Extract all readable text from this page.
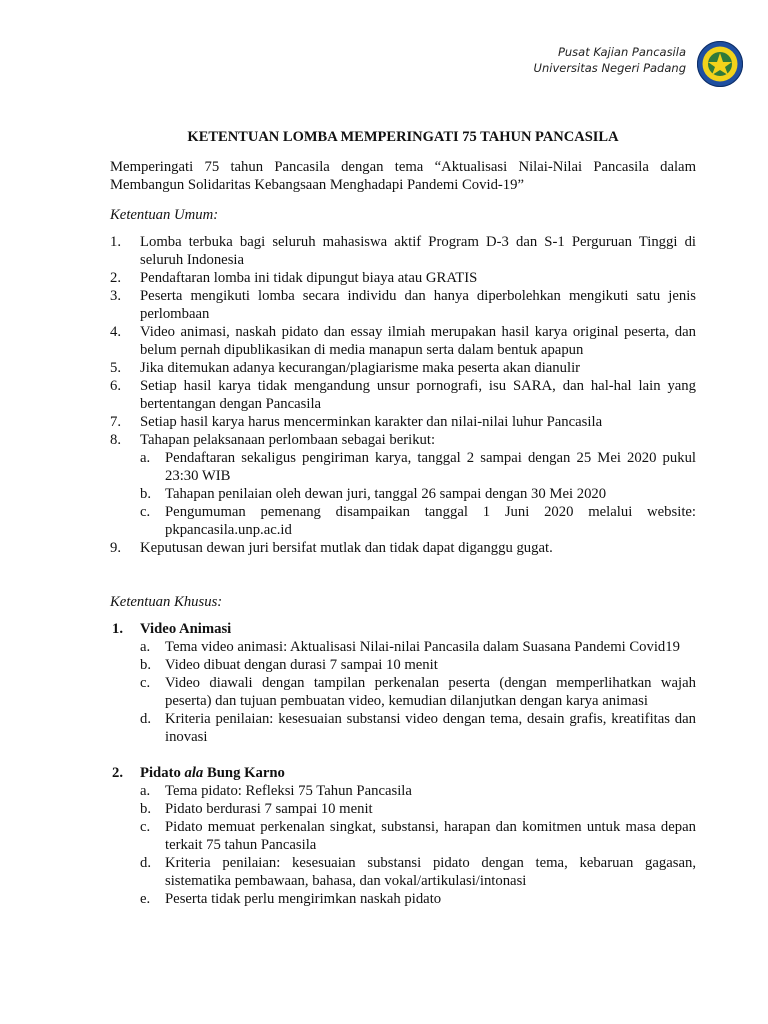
Pusat Kajian Pancasila
Universitas Negeri Padang
KETENTUAN LOMBA MEMPERINGATI 75 TAHUN PANCASILA
Memperingati 75 tahun Pancasila dengan tema “Aktualisasi Nilai-Nilai Pancasila dalam Membangun Solidaritas Kebangsaan Menghadapi Pandemi Covid-19”
Ketentuan Umum:
1.	Lomba terbuka bagi seluruh mahasiswa aktif Program D-3 dan S-1 Perguruan Tinggi di seluruh Indonesia
2.	Pendaftaran lomba ini tidak dipungut biaya atau GRATIS
3.	Peserta mengikuti lomba secara individu dan hanya diperbolehkan mengikuti satu jenis perlombaan
4.	Video animasi, naskah pidato dan essay ilmiah merupakan hasil karya original peserta, dan belum pernah dipublikasikan di media manapun serta dalam bentuk apapun
5.	Jika ditemukan adanya kecurangan/plagiarisme maka peserta akan dianulir
6.	Setiap hasil karya tidak mengandung unsur pornografi, isu SARA, dan hal-hal lain yang bertentangan dengan Pancasila
7.	Setiap hasil karya harus mencerminkan karakter dan nilai-nilai luhur Pancasila
8.	Tahapan pelaksanaan perlombaan sebagai berikut:
a.	Pendaftaran sekaligus pengiriman karya, tanggal 2 sampai dengan 25 Mei 2020 pukul 23:30 WIB
b. Tahapan penilaian oleh dewan juri, tanggal 26 sampai dengan 30 Mei 2020
c.	Pengumuman pemenang disampaikan tanggal 1 Juni 2020 melalui website: pkpancasila.unp.ac.id
9.	Keputusan dewan juri bersifat mutlak dan tidak dapat diganggu gugat.
Ketentuan Khusus:
1.	Video Animasi
a.	Tema video animasi: Aktualisasi Nilai-nilai Pancasila dalam Suasana Pandemi Covid19
b. Video dibuat dengan durasi 7 sampai 10 menit
c.	Video diawali dengan tampilan perkenalan peserta (dengan memperlihatkan wajah peserta) dan tujuan pembuatan video, kemudian dilanjutkan dengan karya animasi
d. Kriteria penilaian: kesesuaian substansi video dengan tema, desain grafis, kreatifitas dan inovasi
2.	Pidato ala Bung Karno
a.	Tema pidato: Refleksi 75 Tahun Pancasila
b. Pidato berdurasi 7 sampai 10 menit
c.	Pidato memuat perkenalan singkat, substansi, harapan dan komitmen untuk masa depan terkait 75 tahun Pancasila
d. Kriteria penilaian: kesesuaian substansi pidato dengan tema, kebaruan gagasan, sistematika pembawaan, bahasa, dan vokal/artikulasi/intonasi
e.	Peserta tidak perlu mengirimkan naskah pidato
